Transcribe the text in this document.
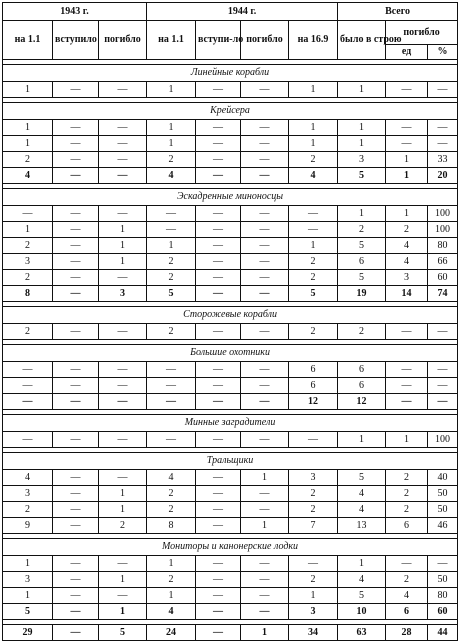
1943 г.			1944 г.				Всего		
на 1.1	вступило	погибло	на 1.1	вступи-ло	погибло	на 16.9	было в строю	погибло	
								ед	%

Линейные корабли									
1	—	—	1	—	—	1	1	—	—

Крейсера									
1	—	—	1	—	—	1	1	—	—
1	—	—	1	—	—	1	1	—	—
2	—	—	2	—	—	2	3	1	33
4	—	—	4	—	—	4	5	1	20

Эскадренные миноносцы									
—	—	—	—	—	—	—	1	1	100
1	—	1	—	—	—	—	2	2	100
2	—	1	1	—	—	1	5	4	80
3	—	1	2	—	—	2	6	4	66
2	—	—	2	—	—	2	5	3	60
8	—	3	5	—	—	5	19	14	74

Сторожевые корабли									
2	—	—	2	—	—	2	2	—	—

Большие охотники									
—	—	—	—	—	—	6	6	—	—
—	—	—	—	—	—	6	6	—	—
—	—	—	—	—	—	12	12	—	—

Минные заградители									
—	—	—	—	—	—	—	1	1	100

Тральщики									
4	—	—	4	—	1	3	5	2	40
3	—	1	2	—	—	2	4	2	50
2	—	1	2	—	—	2	4	2	50
9	—	2	8	—	1	7	13	6	46

Мониторы и канонерские лодки									
1	—	—	1	—	—	—	1	—	—
3	—	1	2	—	—	2	4	2	50
1	—	—	1	—	—	1	5	4	80
5	—	1	4	—	—	3	10	6	60

29	—	5	24	—	1	34	63	28	44
